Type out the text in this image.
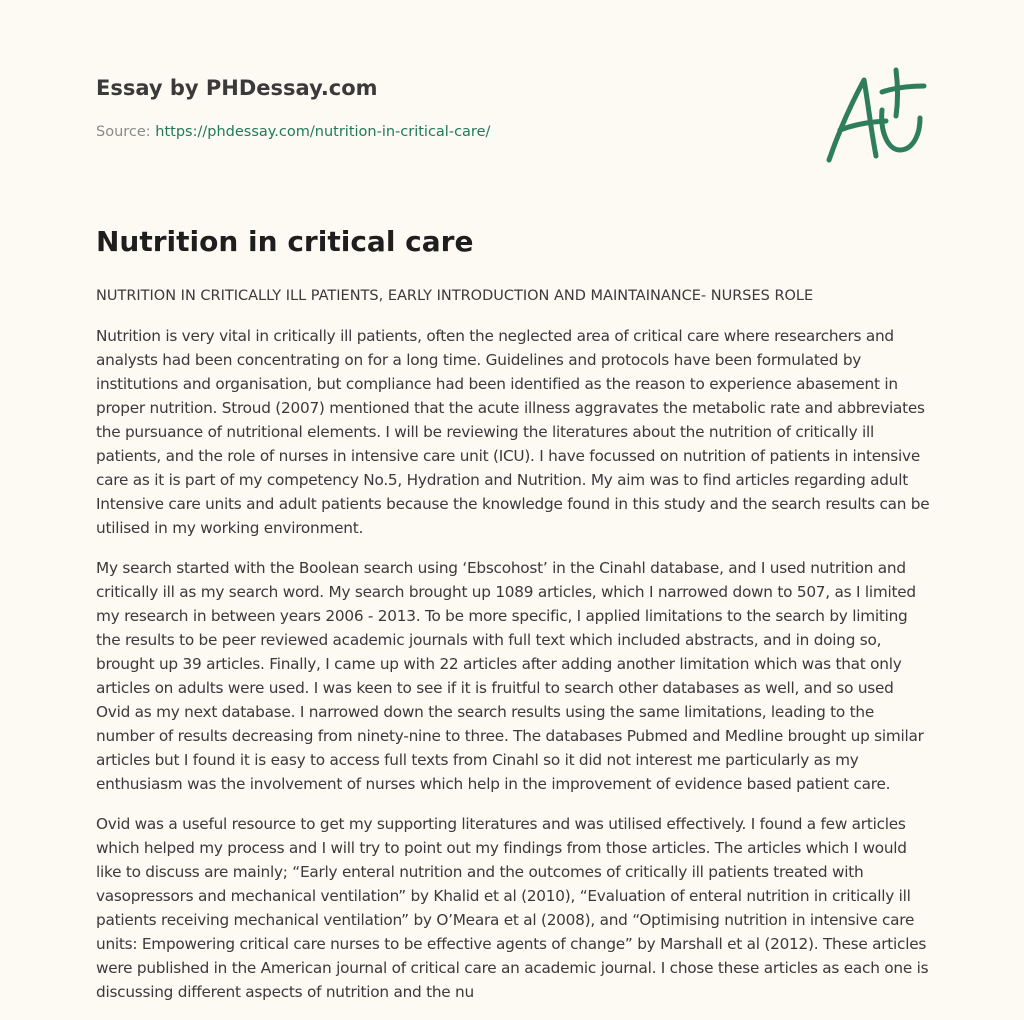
Essay by PHDessay.com
Source: https://phdessay.com/nutrition-in-critical-care/
Nutrition in critical care

NUTRITION IN CRITICALLY ILL PATIENTS, EARLY INTRODUCTION AND MAINTAINANCE- NURSES ROLE

Nutrition is very vital in critically ill patients, often the neglected area of critical care where researchers and analysts had been concentrating on for a long time. Guidelines and protocols have been formulated by institutions and organisation, but compliance had been identified as the reason to experience abasement in proper nutrition. Stroud (2007) mentioned that the acute illness aggravates the metabolic rate and abbreviates the pursuance of nutritional elements. I will be reviewing the literatures about the nutrition of critically ill patients, and the role of nurses in intensive care unit (ICU). I have focussed on nutrition of patients in intensive care as it is part of my competency No.5, Hydration and Nutrition. My aim was to find articles regarding adult Intensive care units and adult patients because the knowledge found in this study and the search results can be utilised in my working environment.

My search started with the Boolean search using ‘Ebscohost’ in the Cinahl database, and I used nutrition and critically ill as my search word. My search brought up 1089 articles, which I narrowed down to 507, as I limited my research in between years 2006 - 2013. To be more specific, I applied limitations to the search by limiting the results to be peer reviewed academic journals with full text which included abstracts, and in doing so, brought up 39 articles. Finally, I came up with 22 articles after adding another limitation which was that only articles on adults were used. I was keen to see if it is fruitful to search other databases as well, and so used Ovid as my next database. I narrowed down the search results using the same limitations, leading to the number of results decreasing from ninety-nine to three. The databases Pubmed and Medline brought up similar articles but I found it is easy to access full texts from Cinahl so it did not interest me particularly as my enthusiasm was the involvement of nurses which help in the improvement of evidence based patient care.

Ovid was a useful resource to get my supporting literatures and was utilised effectively. I found a few articles which helped my process and I will try to point out my findings from those articles. The articles which I would like to discuss are mainly; “Early enteral nutrition and the outcomes of critically ill patients treated with vasopressors and mechanical ventilation” by Khalid et al (2010), “Evaluation of enteral nutrition in critically ill patients receiving mechanical ventilation” by O’Meara et al (2008), and “Optimising nutrition in intensive care units: Empowering critical care nurses to be effective agents of change” by Marshall et al (2012). These articles were published in the American journal of critical care an academic journal. I chose these articles as each one is discussing different aspects of nutrition and the nu
